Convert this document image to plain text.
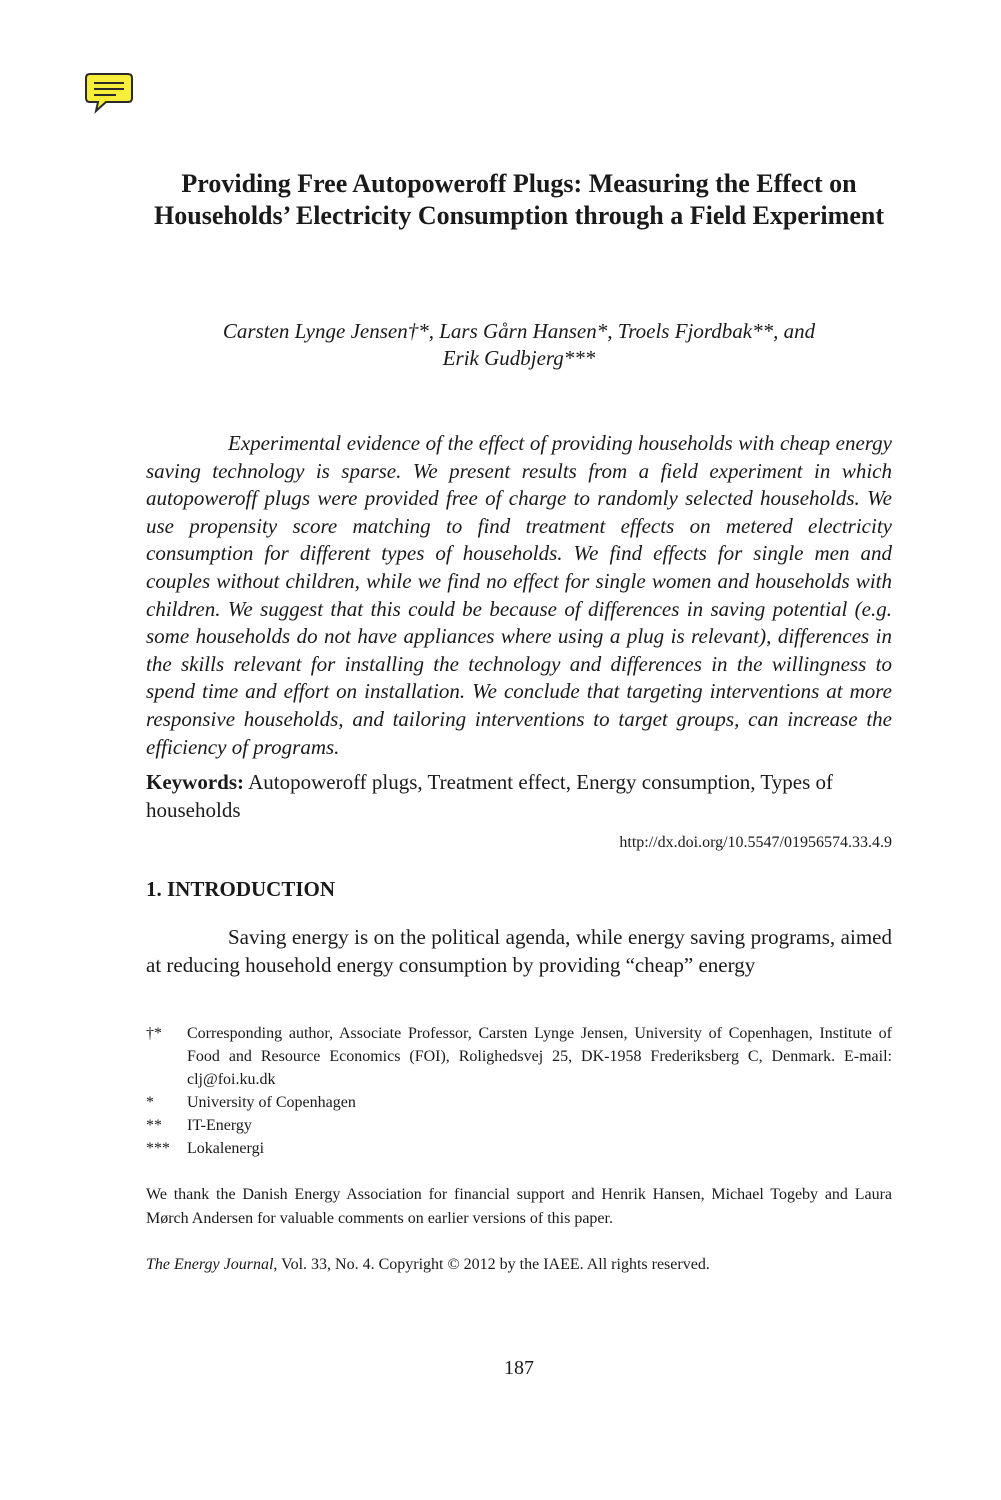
Providing Free Autopoweroff Plugs: Measuring the Effect on Households’ Electricity Consumption through a Field Experiment
Carsten Lynge Jensen†*, Lars Gårn Hansen*, Troels Fjordbak**, and
Erik Gudbjerg***

Experimental evidence of the effect of providing households with cheap energy saving technology is sparse. We present results from a field experiment in which autopoweroff plugs were provided free of charge to randomly selected households. We use propensity score matching to find treatment effects on metered electricity consumption for different types of households. We find effects for single men and couples without children, while we find no effect for single women and households with children. We suggest that this could be because of differences in saving potential (e.g. some households do not have appliances where using a plug is relevant), differences in the skills relevant for installing the technology and differences in the willingness to spend time and effort on installation. We conclude that targeting interventions at more responsive households, and tailoring interventions to target groups, can increase the efficiency of programs.

Keywords: Autopoweroff plugs, Treatment effect, Energy consumption, Types of households

http://dx.doi.org/10.5547/01956574.33.4.9
1. INTRODUCTION

Saving energy is on the political agenda, while energy saving programs, aimed at reducing household energy consumption by providing “cheap” energy

†*	Corresponding author, Associate Professor, Carsten Lynge Jensen, University of Copenhagen, Institute of Food and Resource Economics (FOI), Rolighedsvej 25, DK-1958 Frederiksberg C, Denmark. E-mail: clj@foi.ku.dk
*	University of Copenhagen
**	IT-Energy
***	Lokalenergi

We thank the Danish Energy Association for financial support and Henrik Hansen, Michael Togeby and Laura Mørch Andersen for valuable comments on earlier versions of this paper.

The Energy Journal, Vol. 33, No. 4. Copyright © 2012 by the IAEE. All rights reserved.

187
